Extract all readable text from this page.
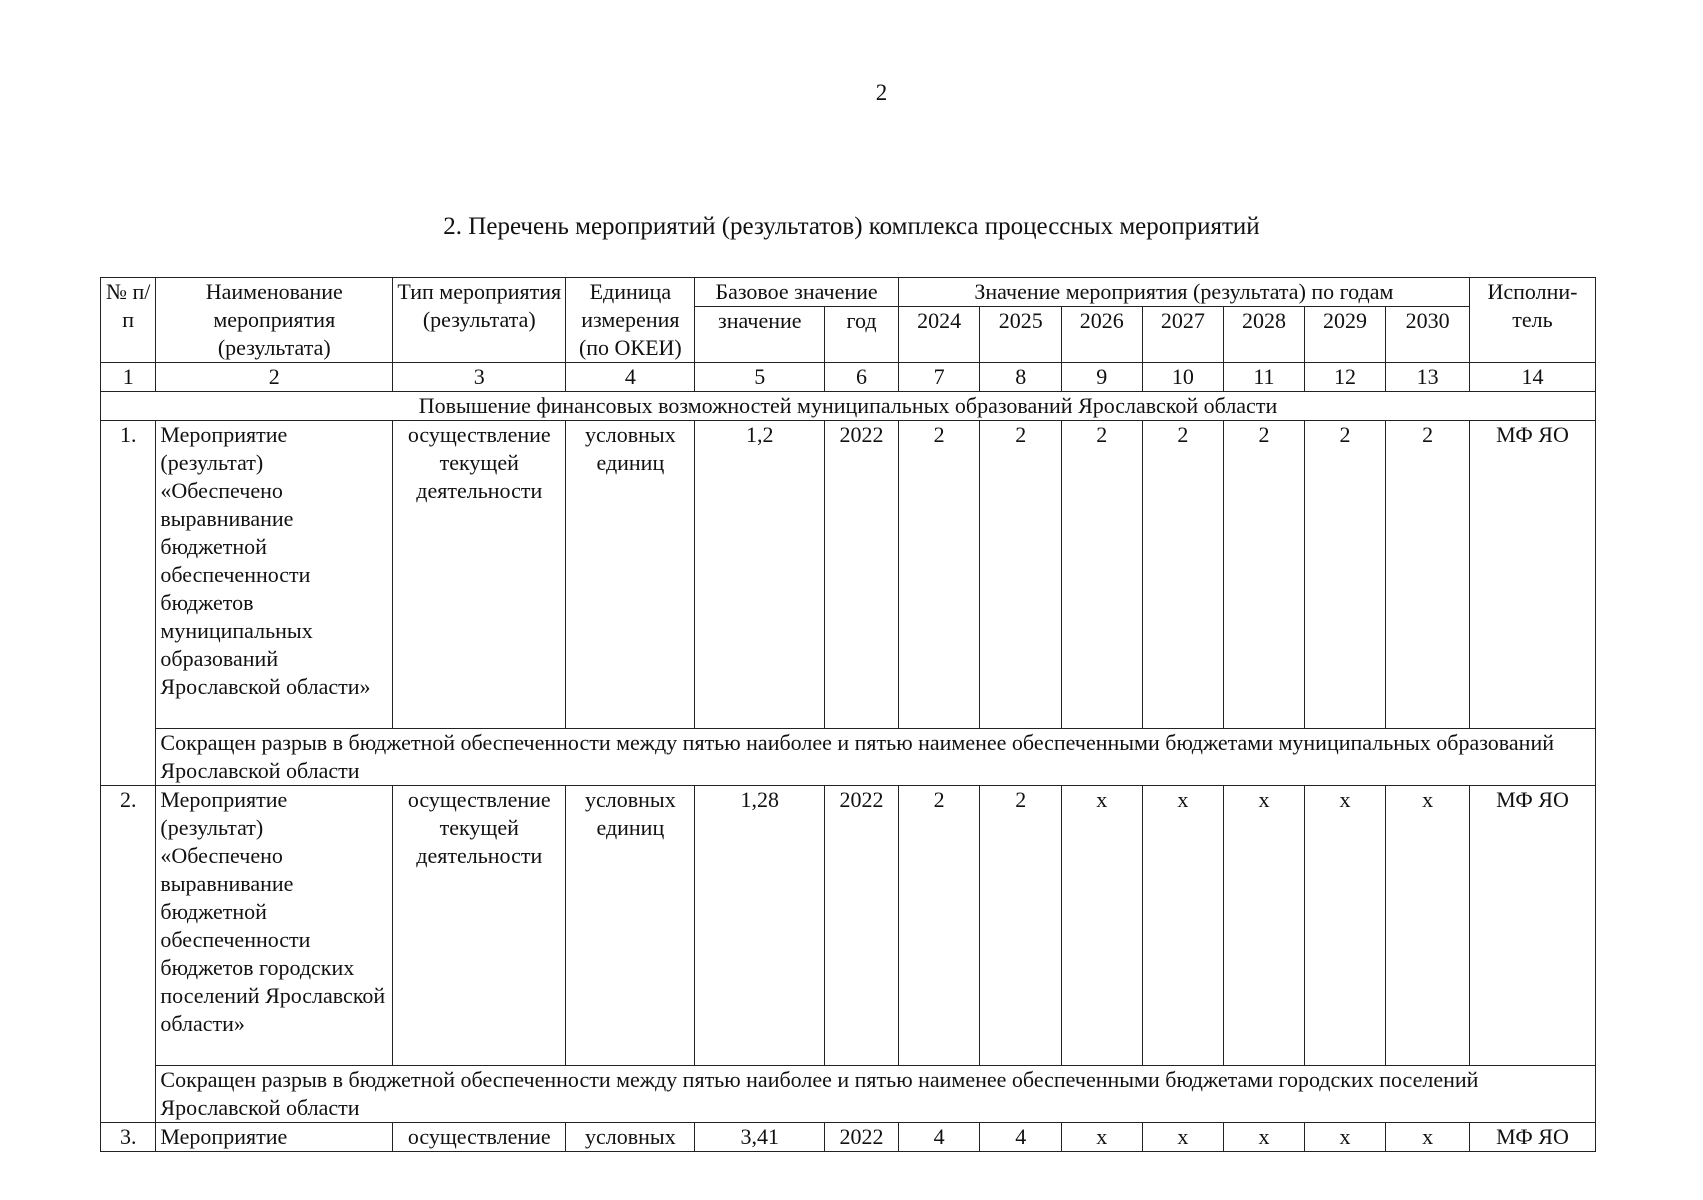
2
2. Перечень мероприятий (результатов) комплекса процессных мероприятий
№ п/п	Наименование мероприятия (результата)	Тип мероприятия (результата)	Единица измерения (по ОКЕИ)	Базовое значение		Значение мероприятия (результата) по годам							Исполни-тель
				значение	год	2024	2025	2026	2027	2028	2029	2030	
1	2	3	4	5	6	7	8	9	10	11	12	13	14
Повышение финансовых возможностей муниципальных образований Ярославской области													
1.	Мероприятие (результат) «Обеспечено выравнивание бюджетной обеспеченности бюджетов муниципальных образований Ярославской области»	осуществление текущей деятельности	условных единиц	1,2	2022	2	2	2	2	2	2	2	МФ ЯО
	Сокращен разрыв в бюджетной обеспеченности между пятью наиболее и пятью наименее обеспеченными бюджетами муниципальных образований Ярославской области												
2.	Мероприятие (результат) «Обеспечено выравнивание бюджетной обеспеченности бюджетов городских поселений Ярославской области»	осуществление текущей деятельности	условных единиц	1,28	2022	2	2	х	х	х	х	х	МФ ЯО
	Сокращен разрыв в бюджетной обеспеченности между пятью наиболее и пятью наименее обеспеченными бюджетами городских поселений Ярославской области												
3.	Мероприятие	осуществление	условных	3,41	2022	4	4	х	х	х	х	х	МФ ЯО
